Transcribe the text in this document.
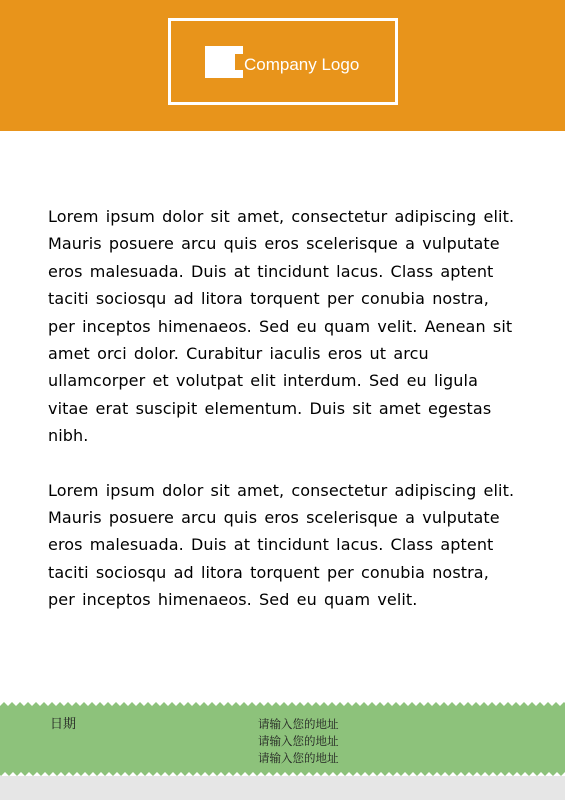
Company Logo

Lorem ipsum dolor sit amet, consectetur adipiscing elit. Mauris posuere arcu quis eros scelerisque a vulputate eros malesuada. Duis at tincidunt lacus. Class aptent taciti sociosqu ad litora torquent per conubia nostra, per inceptos himenaeos. Sed eu quam velit. Aenean sit amet orci dolor. Curabitur iaculis eros ut arcu ullamcorper et volutpat elit interdum. Sed eu ligula vitae erat suscipit elementum. Duis sit amet egestas nibh.

Lorem ipsum dolor sit amet, consectetur adipiscing elit. Mauris posuere arcu quis eros scelerisque a vulputate eros malesuada. Duis at tincidunt lacus. Class aptent taciti sociosqu ad litora torquent per conubia nostra, per inceptos himenaeos. Sed eu quam velit.

日期	请输入您的地址
请输入您的地址
请输入您的地址
